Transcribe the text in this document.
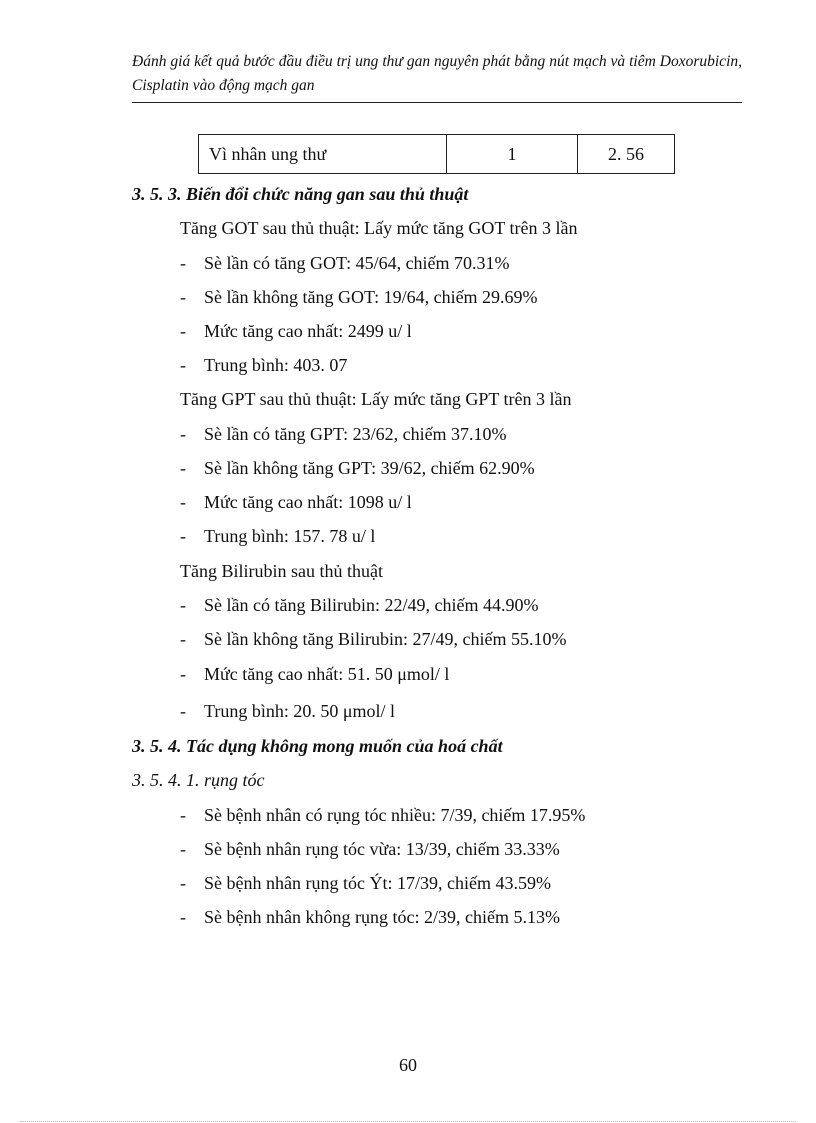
Đánh giá kết quả bước đầu điều trị ung thư gan nguyên phát bằng nút mạch và tiêm Doxorubicin, Cisplatin vào động mạch gan
Vì nhân ung thư	1	2. 56
3. 5. 3. Biến đổi chức năng gan sau thủ thuật
Tăng GOT sau thủ thuật: Lấy mức tăng GOT trên 3 lần
- Sè lần có tăng GOT: 45/64, chiếm 70.31%
- Sè lần không tăng GOT: 19/64, chiếm 29.69%
- Mức tăng cao nhất: 2499 u/ l
- Trung bình: 403. 07
Tăng GPT sau thủ thuật: Lấy mức tăng GPT trên 3 lần
- Sè lần có tăng GPT: 23/62, chiếm 37.10%
- Sè lần không tăng GPT: 39/62, chiếm 62.90%
- Mức tăng cao nhất: 1098 u/ l
- Trung bình: 157. 78 u/ l
Tăng Bilirubin sau thủ thuật
- Sè lần có tăng Bilirubin: 22/49, chiếm 44.90%
- Sè lần không tăng Bilirubin: 27/49, chiếm 55.10%
- Mức tăng cao nhất: 51. 50 μmol/ l
- Trung bình: 20. 50 μmol/ l
3. 5. 4. Tác dụng không mong muốn của hoá chất
3. 5. 4. 1. rụng tóc
- Sè bệnh nhân có rụng tóc nhiều: 7/39, chiếm 17.95%
- Sè bệnh nhân rụng tóc vừa: 13/39, chiếm 33.33%
- Sè bệnh nhân rụng tóc Ýt: 17/39, chiếm 43.59%
- Sè bệnh nhân không rụng tóc: 2/39, chiếm 5.13%
60
